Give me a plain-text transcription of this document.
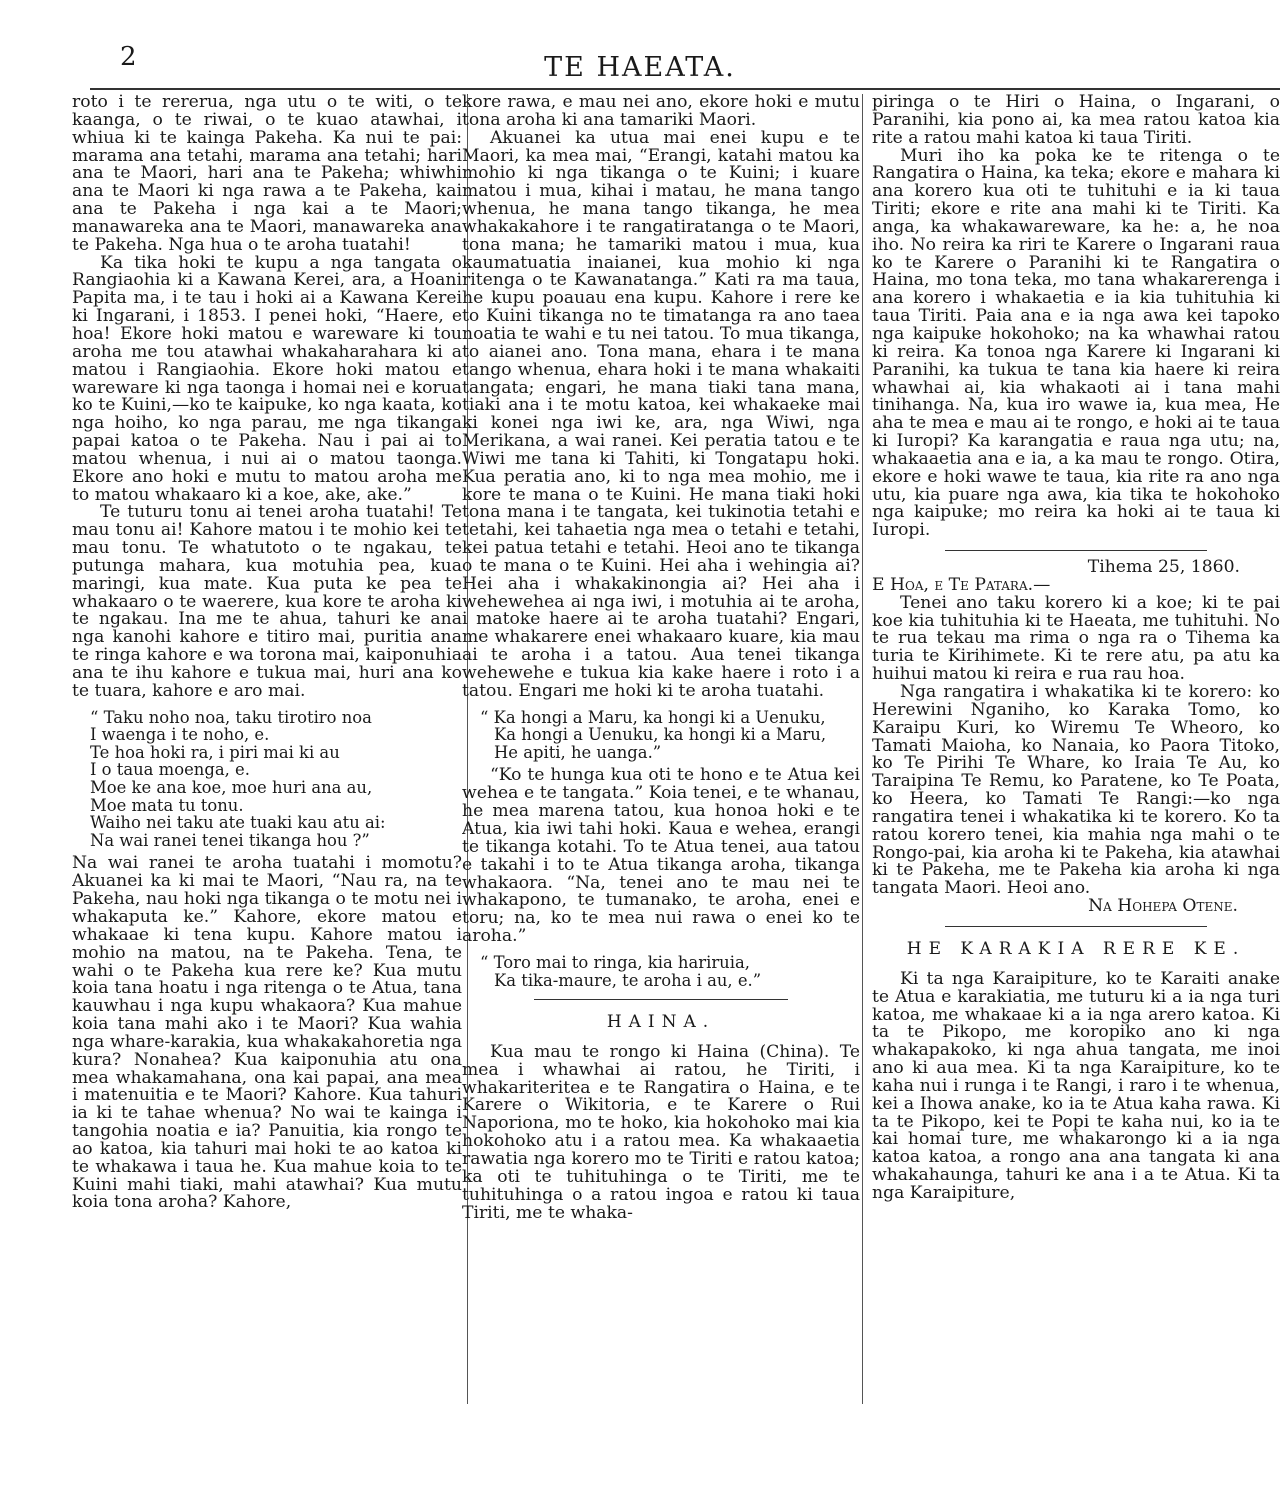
2	TE HAEATA.

roto i te rererua, nga utu o te witi, o te kaanga, o te riwai, o te kuao atawhai, i whiua ki te kainga Pakeha. Ka nui te pai: marama ana tetahi, marama ana tetahi; hari ana te Maori, hari ana te Pakeha; whiwhi ana te Maori ki nga rawa a te Pakeha, kai ana te Pakeha i nga kai a te Maori; manawareka ana te Maori, manawareka ana te Pakeha. Nga hua o te aroha tuatahi!

Ka tika hoki te kupu a nga tangata o Rangiaohia ki a Kawana Kerei, ara, a Hoani Papita ma, i te tau i hoki ai a Kawana Kerei ki Ingarani, i 1853. I penei hoki, “Haere, e hoa! Ekore hoki matou e wareware ki tou aroha me tou atawhai whakaharahara ki a matou i Rangiaohia. Ekore hoki matou e wareware ki nga taonga i homai nei e koruа ko te Kuini,—ko te kaipuke, ko nga kaata, ko nga hoiho, ko nga parau, me nga tikanga papai katoa o te Pakeha. Nau i pai ai to matou whenua, i nui ai o matou taonga. Ekore ano hoki e mutu to matou aroha me to matou whakaaro ki a koe, ake, ake.”

Te tuturu tonu ai tenei aroha tuatahi! Te mau tonu ai! Kahore matou i te mohio kei te mau tonu. Te whatutoto o te ngakau, te putunga mahara, kua motuhia pea, kua maringi, kua mate. Kua puta ke pea te whakaaro o te waerere, kua kore te aroha ki te ngakau. Ina me te ahua, tahuri ke ana nga kanohi kahore e titiro mai, puritia ana te ringa kahore e wa torona mai, kaiponuhia ana te ihu kahore e tukua mai, huri ana ko te tuara, kahore e aro mai.

“ Taku noho noa, taku tirotiro noa
I waenga i te noho, e.
Te hoa hoki ra, i piri mai ki au
I o taua moenga, e.
Moe ke ana koe, moe huri ana au,
Moe mata tu tonu.
Waiho nei taku ate tuaki kau atu ai:
Na wai ranei tenei tikanga hou ?”

Na wai ranei te aroha tuatahi i momotu? Akuanei ka ki mai te Maori, “Nau ra, na te Pakeha, nau hoki nga tikanga o te motu nei i whakaputa ke.” Kahore, ekore matou e whakaae ki tena kupu. Kahore matou i mohio na matou, na te Pakeha. Tena, te wahi o te Pakeha kua rere ke? Kua mutu koia tana hoatu i nga ritenga o te Atua, tana kauwhau i nga kupu whakaora? Kua mahue koia tana mahi ako i te Maori? Kua wahia nga whare-karakia, kua whakakahoretia nga kura? Nonahea? Kua kaiponuhia atu ona mea whakamahana, ona kai papai, ana mea i matenuitia e te Maori? Kahore. Kua tahuri ia ki te tahae whenua? No wai te kainga i tangohia noatia e ia? Panuitia, kia rongo te ao katoa, kia tahuri mai hoki te ao katoa ki te whakawa i taua he. Kua mahue koia to te Kuini mahi tiaki, mahi atawhai? Kua mutu koia tona aroha? Kahore,

kore rawa, e mau nei ano, ekore hoki e mutu tona aroha ki ana tamariki Maori.

Akuanei ka utua mai enei kupu e te Maori, ka mea mai, “Erangi, katahi matou ka mohio ki nga tikanga o te Kuini; i kuare matou i mua, kihai i matau, he mana tango whenua, he mana tango tikanga, he mea whakakahore i te rangatiratanga o te Maori, tona mana; he tamariki matou i mua, kua kaumatuatia inaianei, kua mohio ki nga ritenga o te Kawanatanga.” Kati ra ma taua, he kupu poauau ena kupu. Kahore i rere ke to Kuini tikanga no te timatanga ra ano taea noatia te wahi e tu nei tatou. To mua tikanga, to aianei ano. Tona mana, ehara i te mana tango whenua, ehara hoki i te mana whakaiti tangata; engari, he mana tiaki tana mana, tiaki ana i te motu katoa, kei whakaeke mai ki konei nga iwi ke, ara, nga Wiwi, nga Merikana, a wai ranei. Kei peratia tatou e te Wiwi me tana ki Tahiti, ki Tongatapu hoki. Kua peratia ano, ki to nga mea mohio, me i kore te mana o te Kuini. He mana tiaki hoki tona mana i te tangata, kei tukinotia tetahi e tetahi, kei tahaetia nga mea o tetahi e tetahi, kei patua tetahi e tetahi. Heoi ano te tikanga o te mana o te Kuini. Hei aha i wehingia ai? Hei aha i whakakinongia ai? Hei aha i wehewehea ai nga iwi, i motuhia ai te aroha, i matoke haere ai te aroha tuatahi? Engari, me whakarere enei whakaaro kuare, kia mau ai te aroha i a tatou. Aua tenei tikanga wehewehe e tukua kia kake haere i roto i a tatou. Engari me hoki ki te aroha tuatahi.

“ Ka hongi a Maru, ka hongi ki a Uenuku,
Ka hongi a Uenuku, ka hongi ki a Maru,
He apiti, he uanga.”

“Ko te hunga kua oti te hono e te Atua kei wehea e te tangata.” Koia tenei, e te whanau, he mea marena tatou, kua honoa hoki e te Atua, kia iwi tahi hoki. Kaua e wehea, erangi te tikanga kotahi. To te Atua tenei, aua tatou e takahi i to te Atua tikanga aroha, tikanga whakaora. “Na, tenei ano te mau nei te whakapono, te tumanako, te aroha, enei e toru; na, ko te mea nui rawa o enei ko te aroha.”

“ Toro mai to ringa, kia hariruia,
Ka tika-maure, te aroha i au, e.”
HAINA.

Kua mau te rongo ki Haina (China). Te mea i whawhai ai ratou, he Tiriti, i whakariteritea e te Rangatira o Haina, e te Karere o Wikitoria, e te Karere o Rui Naporiona, mo te hoko, kia hokohoko mai kia hokohoko atu i a ratou mea. Ka whakaaetia rawatia nga korero mo te Tiriti e ratou katoa; ka oti te tuhituhinga o te Tiriti, me te tuhituhinga o a ratou ingoa e ratou ki taua Tiriti, me te whaka-

piringa o te Hiri o Haina, o Ingarani, o Paranihi, kia pono ai, ka mea ratou katoa kia rite a ratou mahi katoa ki taua Tiriti.

Muri iho ka poka ke te ritenga o te Rangatira o Haina, ka teka; ekore e mahara ki ana korero kua oti te tuhituhi e ia ki taua Tiriti; ekore e rite ana mahi ki te Tiriti. Ka anga, ka whakawareware, ka he: a, he noa iho. No reira ka riri te Karere o Ingarani raua ko te Karere o Paranihi ki te Rangatira o Haina, mo tona teka, mo tana whakarerenga i ana korero i whakaetia e ia kia tuhituhia ki taua Tiriti. Paia ana e ia nga awa kei tapoko nga kaipuke hokohoko; na ka whawhai ratou ki reira. Ka tonoa nga Karere ki Ingarani ki Paranihi, ka tukua te tana kia haere ki reira whawhai ai, kia whakaoti ai i tana mahi tinihanga. Na, kua iro wawe ia, kua mea, He aha te mea e mau ai te rongo, e hoki ai te taua ki Iuropi? Ka karangatia e raua nga utu; na, whakaaetia ana e ia, a ka mau te rongo. Otira, ekore e hoki wawe te taua, kia rite ra ano nga utu, kia puare nga awa, kia tika te hokohoko nga kaipuke; mo reira ka hoki ai te taua ki Iuropi.

Tihema 25, 1860.

E Hoa, e Te Patara.—

Tenei ano taku korero ki a koe; ki te pai koe kia tuhituhia ki te Haeata, me tuhituhi. No te rua tekau ma rima o nga ra o Tihema ka turia te Kirihimete. Ki te rere atu, pa atu ka huihui matou ki reira e rua rau hoa.

Nga rangatira i whakatika ki te korero: ko Herewini Nganiho, ko Karaka Tomo, ko Karaipu Kuri, ko Wiremu Te Wheoro, ko Tamati Maioha, ko Nanaia, ko Paora Titoko, ko Te Pirihi Te Whare, ko Iraia Te Au, ko Taraipina Te Remu, ko Paratene, ko Te Poata, ko Heera, ko Tamati Te Rangi:—ko nga rangatira tenei i whakatika ki te korero. Ko ta ratou korero tenei, kia mahia nga mahi o te Rongo-pai, kia aroha ki te Pakeha, kia atawhai ki te Pakeha, me te Pakeha kia aroha ki nga tangata Maori. Heoi ano.

Na Hohepa Otene.
HE KARAKIA RERE KE.

Ki ta nga Karaipiture, ko te Karaiti anake te Atua e karakiatia, me tuturu ki a ia nga turi katoa, me whakaae ki a ia nga arero katoa. Ki ta te Pikopo, me koropiko ano ki nga whakapakoko, ki nga ahua tangata, me inoi ano ki aua mea. Ki ta nga Karaipiture, ko te kaha nui i runga i te Rangi, i raro i te whenua, kei a Ihowa anake, ko ia te Atua kaha rawa. Ki ta te Pikopo, kei te Popi te kaha nui, ko ia te kai homai ture, me whakarongo ki a ia nga katoa katoa, a rongo ana ana tangata ki ana whakahaunga, tahuri ke ana i a te Atua. Ki ta nga Karaipiture,
